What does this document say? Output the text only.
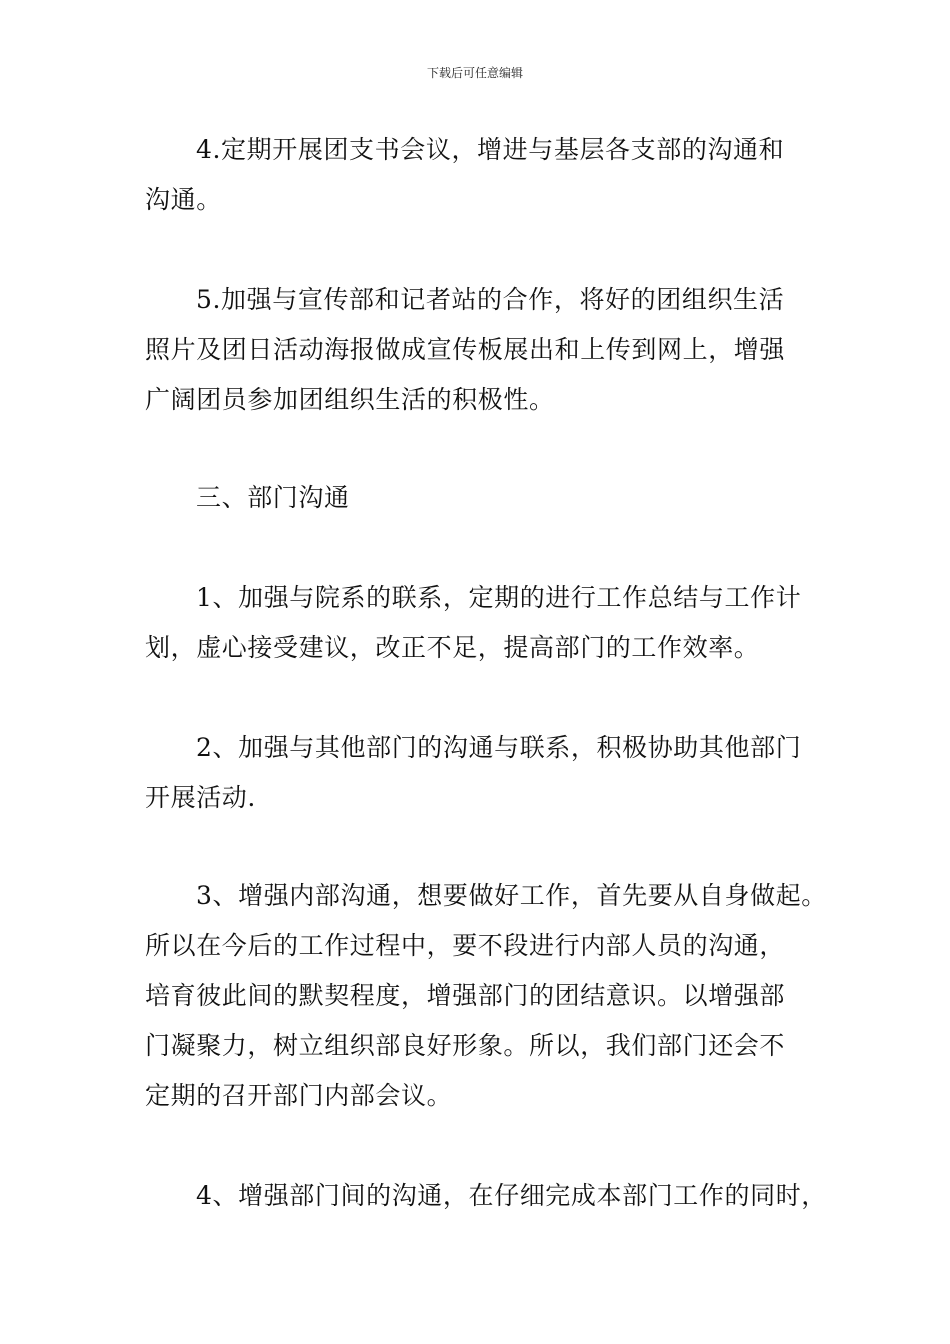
下载后可任意编辑
4.定期开展团支书会议，增进与基层各支部的沟通和
沟通。
5.加强与宣传部和记者站的合作，将好的团组织生活
照片及团日活动海报做成宣传板展出和上传到网上，增强
广阔团员参加团组织生活的积极性。
三、部门沟通
1、加强与院系的联系，定期的进行工作总结与工作计
划，虚心接受建议，改正不足，提高部门的工作效率。
2、加强与其他部门的沟通与联系，积极协助其他部门
开展活动.
3、增强内部沟通，想要做好工作，首先要从自身做起。
所以在今后的工作过程中，要不段进行内部人员的沟通，
培育彼此间的默契程度，增强部门的团结意识。以增强部
门凝聚力，树立组织部良好形象。所以，我们部门还会不
定期的召开部门内部会议。
4、增强部门间的沟通，在仔细完成本部门工作的同时，
